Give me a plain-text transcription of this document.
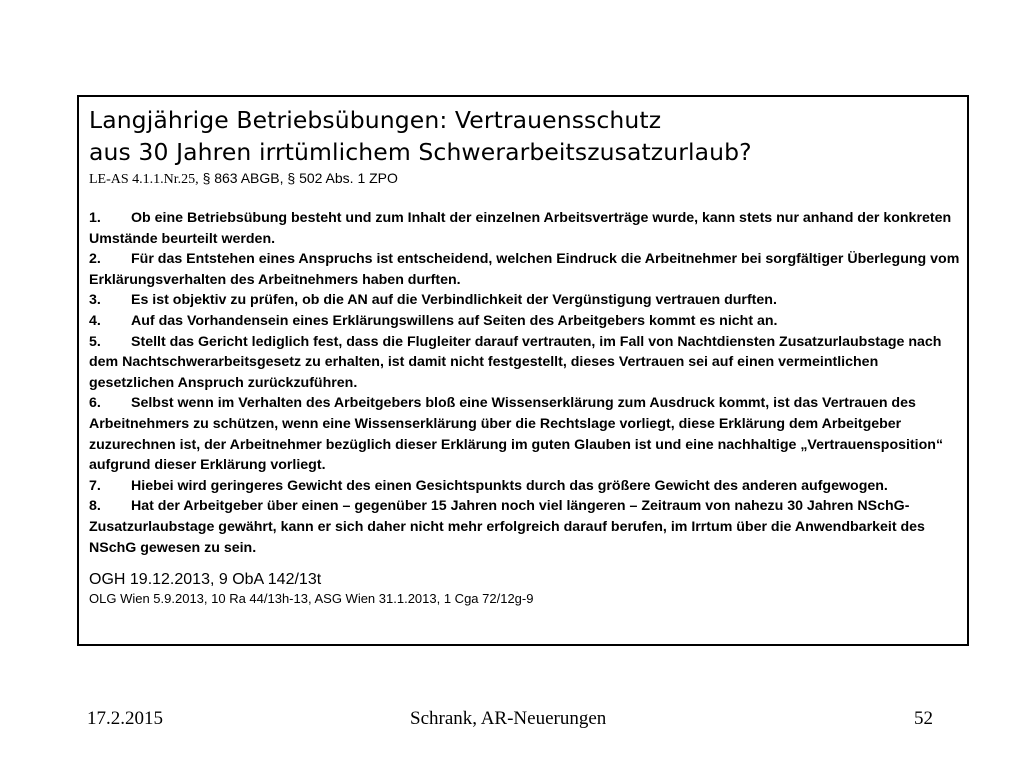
Langjährige Betriebsübungen: Vertrauensschutz
aus 30 Jahren irrtümlichem Schwerarbeitszusatzurlaub?
LE-AS 4.1.1.Nr.25, § 863 ABGB, § 502 Abs. 1 ZPO

1. Ob eine Betriebsübung besteht und zum Inhalt der einzelnen Arbeitsverträge wurde, kann stets nur anhand der konkreten Umstände beurteilt werden.

2. Für das Entstehen eines Anspruchs ist entscheidend, welchen Eindruck die Arbeitnehmer bei sorgfältiger Überlegung vom Erklärungsverhalten des Arbeitnehmers haben durften.

3. Es ist objektiv zu prüfen, ob die AN auf die Verbindlichkeit der Vergünstigung vertrauen durften.

4. Auf das Vorhandensein eines Erklärungswillens auf Seiten des Arbeitgebers kommt es nicht an.

5. Stellt das Gericht lediglich fest, dass die Flugleiter darauf vertrauten, im Fall von Nachtdiensten Zusatzurlaubstage nach dem Nachtschwerarbeitsgesetz zu erhalten, ist damit nicht festgestellt, dieses Vertrauen sei auf einen vermeintlichen gesetzlichen Anspruch zurückzuführen.

6. Selbst wenn im Verhalten des Arbeitgebers bloß eine Wissenserklärung zum Ausdruck kommt, ist das Vertrauen des Arbeitnehmers zu schützen, wenn eine Wissenserklärung über die Rechtslage vorliegt, diese Erklärung dem Arbeitgeber zuzurechnen ist, der Arbeitnehmer bezüglich dieser Erklärung im guten Glauben ist und eine nachhaltige „Vertrauensposition“ aufgrund dieser Erklärung vorliegt.

7. Hiebei wird geringeres Gewicht des einen Gesichtspunkts durch das größere Gewicht des anderen aufgewogen.

8. Hat der Arbeitgeber über einen – gegenüber 15 Jahren noch viel längeren – Zeitraum von nahezu 30 Jahren NSchG-Zusatzurlaubstage gewährt, kann er sich daher nicht mehr erfolgreich darauf berufen, im Irrtum über die Anwendbarkeit des NSchG gewesen zu sein.

OGH 19.12.2013, 9 ObA 142/13t
OLG Wien 5.9.2013, 10 Ra 44/13h-13, ASG Wien 31.1.2013, 1 Cga 72/12g-9
17.2.2015	Schrank, AR-Neuerungen	52
